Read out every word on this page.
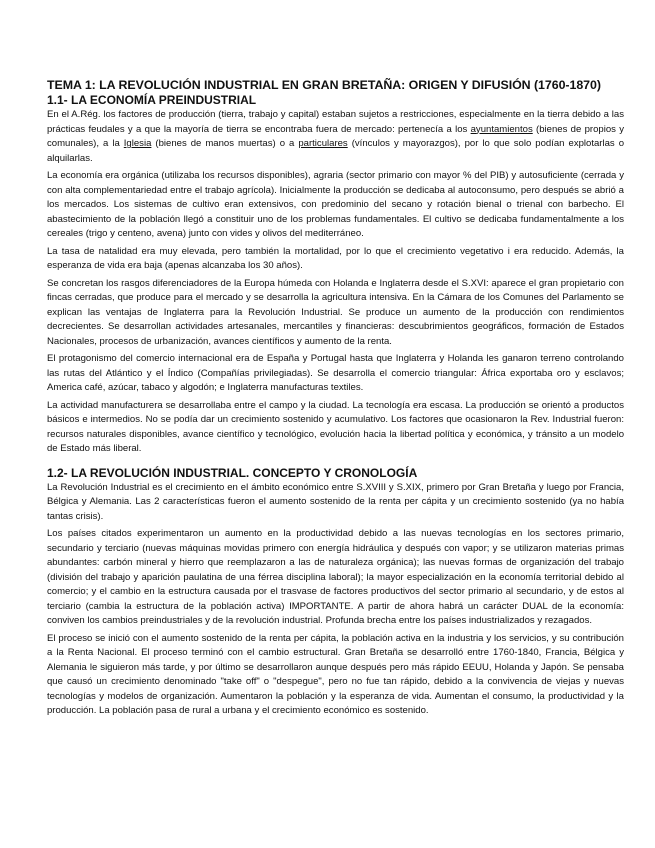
TEMA 1: LA REVOLUCIÓN INDUSTRIAL EN GRAN BRETAÑA: ORIGEN Y DIFUSIÓN (1760-1870)
1.1- LA ECONOMÍA PREINDUSTRIAL

En el A.Rég. los factores de producción (tierra, trabajo y capital) estaban sujetos a restricciones, especialmente en la tierra debido a las prácticas feudales y a que la mayoría de tierra se encontraba fuera de mercado: pertenecía a los ayuntamientos (bienes de propios y comunales), a la Iglesia (bienes de manos muertas) o a particulares (vínculos y mayorazgos), por lo que solo podían explotarlas o alquilarlas.

La economía era orgánica (utilizaba los recursos disponibles), agraria (sector primario con mayor % del PIB) y autosuficiente (cerrada y con alta complementariedad entre el trabajo agrícola). Inicialmente la producción se dedicaba al autoconsumo, pero después se abrió a los mercados. Los sistemas de cultivo eran extensivos, con predominio del secano y rotación bienal o trienal con barbecho. El abastecimiento de la población llegó a constituir uno de los problemas fundamentales. El cultivo se dedicaba fundamentalmente a los cereales (trigo y centeno, avena) junto con vides y olivos del mediterráneo.

La tasa de natalidad era muy elevada, pero también la mortalidad, por lo que el crecimiento vegetativo i era reducido. Además, la esperanza de vida era baja (apenas alcanzaba los 30 años).

Se concretan los rasgos diferenciadores de la Europa húmeda con Holanda e Inglaterra desde el S.XVI: aparece el gran propietario con fincas cerradas, que produce para el mercado y se desarrolla la agricultura intensiva. En la Cámara de los Comunes del Parlamento se explican las ventajas de Inglaterra para la Revolución Industrial. Se produce un aumento de la producción con rendimientos decrecientes. Se desarrollan actividades artesanales, mercantiles y financieras: descubrimientos geográficos, formación de Estados Nacionales, procesos de urbanización, avances científicos y aumento de la renta.

El protagonismo del comercio internacional era de España y Portugal hasta que Inglaterra y Holanda les ganaron terreno controlando las rutas del Atlántico y el Índico (Compañías privilegiadas). Se desarrolla el comercio triangular: África exportaba oro y esclavos; America café, azúcar, tabaco y algodón; e Inglaterra manufacturas textiles.

La actividad manufacturera se desarrollaba entre el campo y la ciudad. La tecnología era escasa. La producción se orientó a productos básicos e intermedios. No se podía dar un crecimiento sostenido y acumulativo. Los factores que ocasionaron la Rev. Industrial fueron: recursos naturales disponibles, avance científico y tecnológico, evolución hacia la libertad política y económica, y tránsito a un modelo de Estado más liberal.

1.2- LA REVOLUCIÓN INDUSTRIAL. CONCEPTO Y CRONOLOGÍA

La Revolución Industrial es el crecimiento en el ámbito económico entre S.XVIII y S.XIX, primero por Gran Bretaña y luego por Francia, Bélgica y Alemania. Las 2 características fueron el aumento sostenido de la renta per cápita y un crecimiento sostenido (ya no había tantas crisis).

Los países citados experimentaron un aumento en la productividad debido a las nuevas tecnologías en los sectores primario, secundario y terciario (nuevas máquinas movidas primero con energía hidráulica y después con vapor; y se utilizaron materias primas abundantes: carbón mineral y hierro que reemplazaron a las de naturaleza orgánica); las nuevas formas de organización del trabajo (división del trabajo y aparición paulatina de una férrea disciplina laboral); la mayor especialización en la economía territorial debido al comercio; y el cambio en la estructura causada por el trasvase de factores productivos del sector primario al secundario, y de estos al terciario (cambia la estructura de la población activa) IMPORTANTE. A partir de ahora habrá un carácter DUAL de la economía: conviven los cambios preindustriales y de la revolución industrial. Profunda brecha entre los países industrializados y rezagados.

El proceso se inició con el aumento sostenido de la renta per cápita, la población activa en la industria y los servicios, y su contribución a la Renta Nacional. El proceso terminó con el cambio estructural. Gran Bretaña se desarrolló entre 1760-1840, Francia, Bélgica y Alemania le siguieron más tarde, y por último se desarrollaron aunque después pero más rápido EEUU, Holanda y Japón. Se pensaba que causó un crecimiento denominado "take off" o "despegue", pero no fue tan rápido, debido a la convivencia de viejas y nuevas tecnologías y modelos de organización. Aumentaron la población y la esperanza de vida. Aumentan el consumo, la productividad y la producción. La población pasa de rural a urbana y el crecimiento económico es sostenido.
